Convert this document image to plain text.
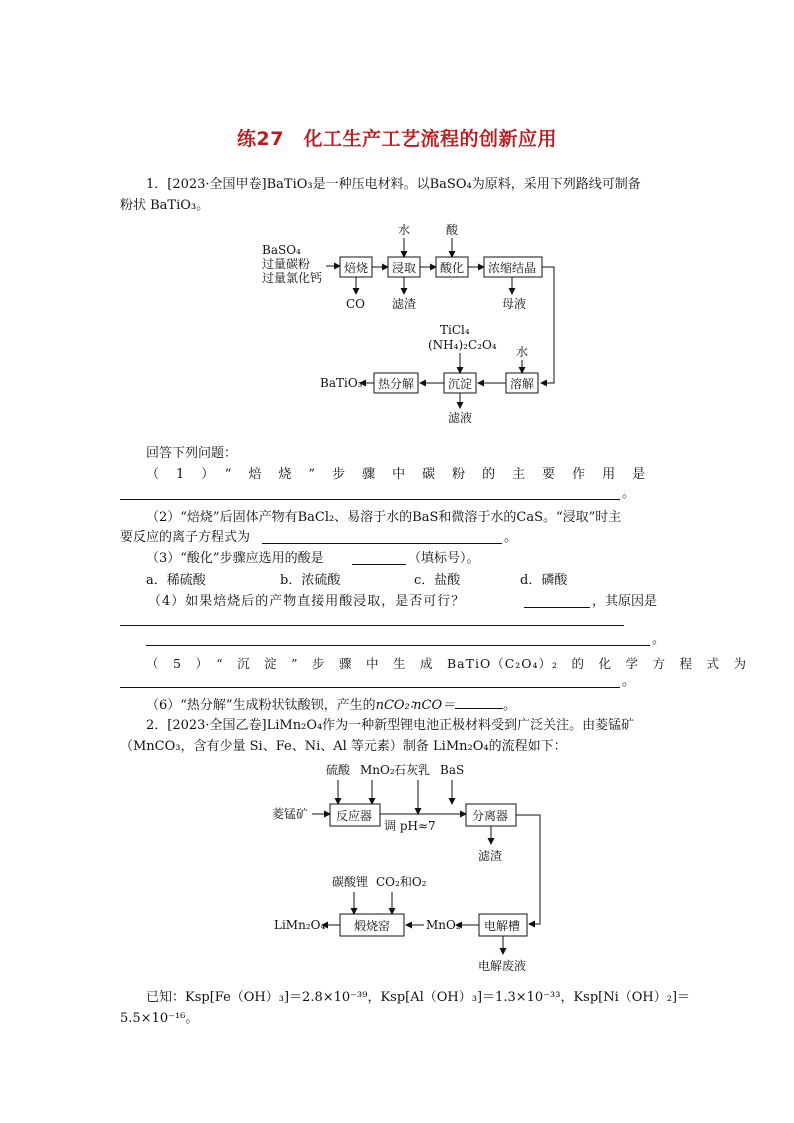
练27　化工生产工艺流程的创新应用
1．[2023·全国甲卷]BaTiO₃是一种压电材料。以BaSO₄为原料，采用下列路线可制备
粉状 BaTiO₃。
BaSO₄
过量碳粉
过量氯化钙
焙烧 浸取 酸化 浓缩结晶
水	酸
CO 滤渣	母液
溶解
水
沉淀
TiCl₄
(NH₄)₂C₂O₄
滤液
热分解
BaTiO₃
回答下列问题：
（　1　）　“　焙　烧　”　步　骤　中　碳　粉　的　主　要　作　用　是
。
（2）“焙烧”后固体产物有BaCl₂、易溶于水的BaS和微溶于水的CaS。“浸取”时主
要反应的离子方程式为	。
（3）“酸化”步骤应选用的酸是	（填标号）。
a．稀硫酸	b．浓硫酸	c．盐酸	d．磷酸
（4）如果焙烧后的产物直接用酸浸取，是否可行？	，其原因是
。
（　5　）　“　沉　淀　”　步　骤　中　生　成　BaTiO（C₂O₄）₂　的　化　学　方　程　式　为
。
（6）“热分解”生成粉状钛酸钡，产生的nCO₂∶nCO＝	。
2．[2023·全国乙卷]LiMn₂O₄作为一种新型锂电池正极材料受到广泛关注。由菱锰矿
（MnCO₃，含有少量 Si、Fe、Ni、Al 等元素）制备 LiMn₂O₄的流程如下：
硫酸 MnO₂ 石灰乳 BaS
菱锰矿 反应器
调 pH≈7
分离器
滤渣
电解槽
电解废液
MnO₂
煅烧窑
碳酸锂 CO₂和O₂
LiMn₂O₄
已知：Ksp[Fe（OH）₃]＝2.8×10⁻³⁹，Ksp[Al（OH）₃]＝1.3×10⁻³³，Ksp[Ni（OH）₂]＝
5.5×10⁻¹⁶。
